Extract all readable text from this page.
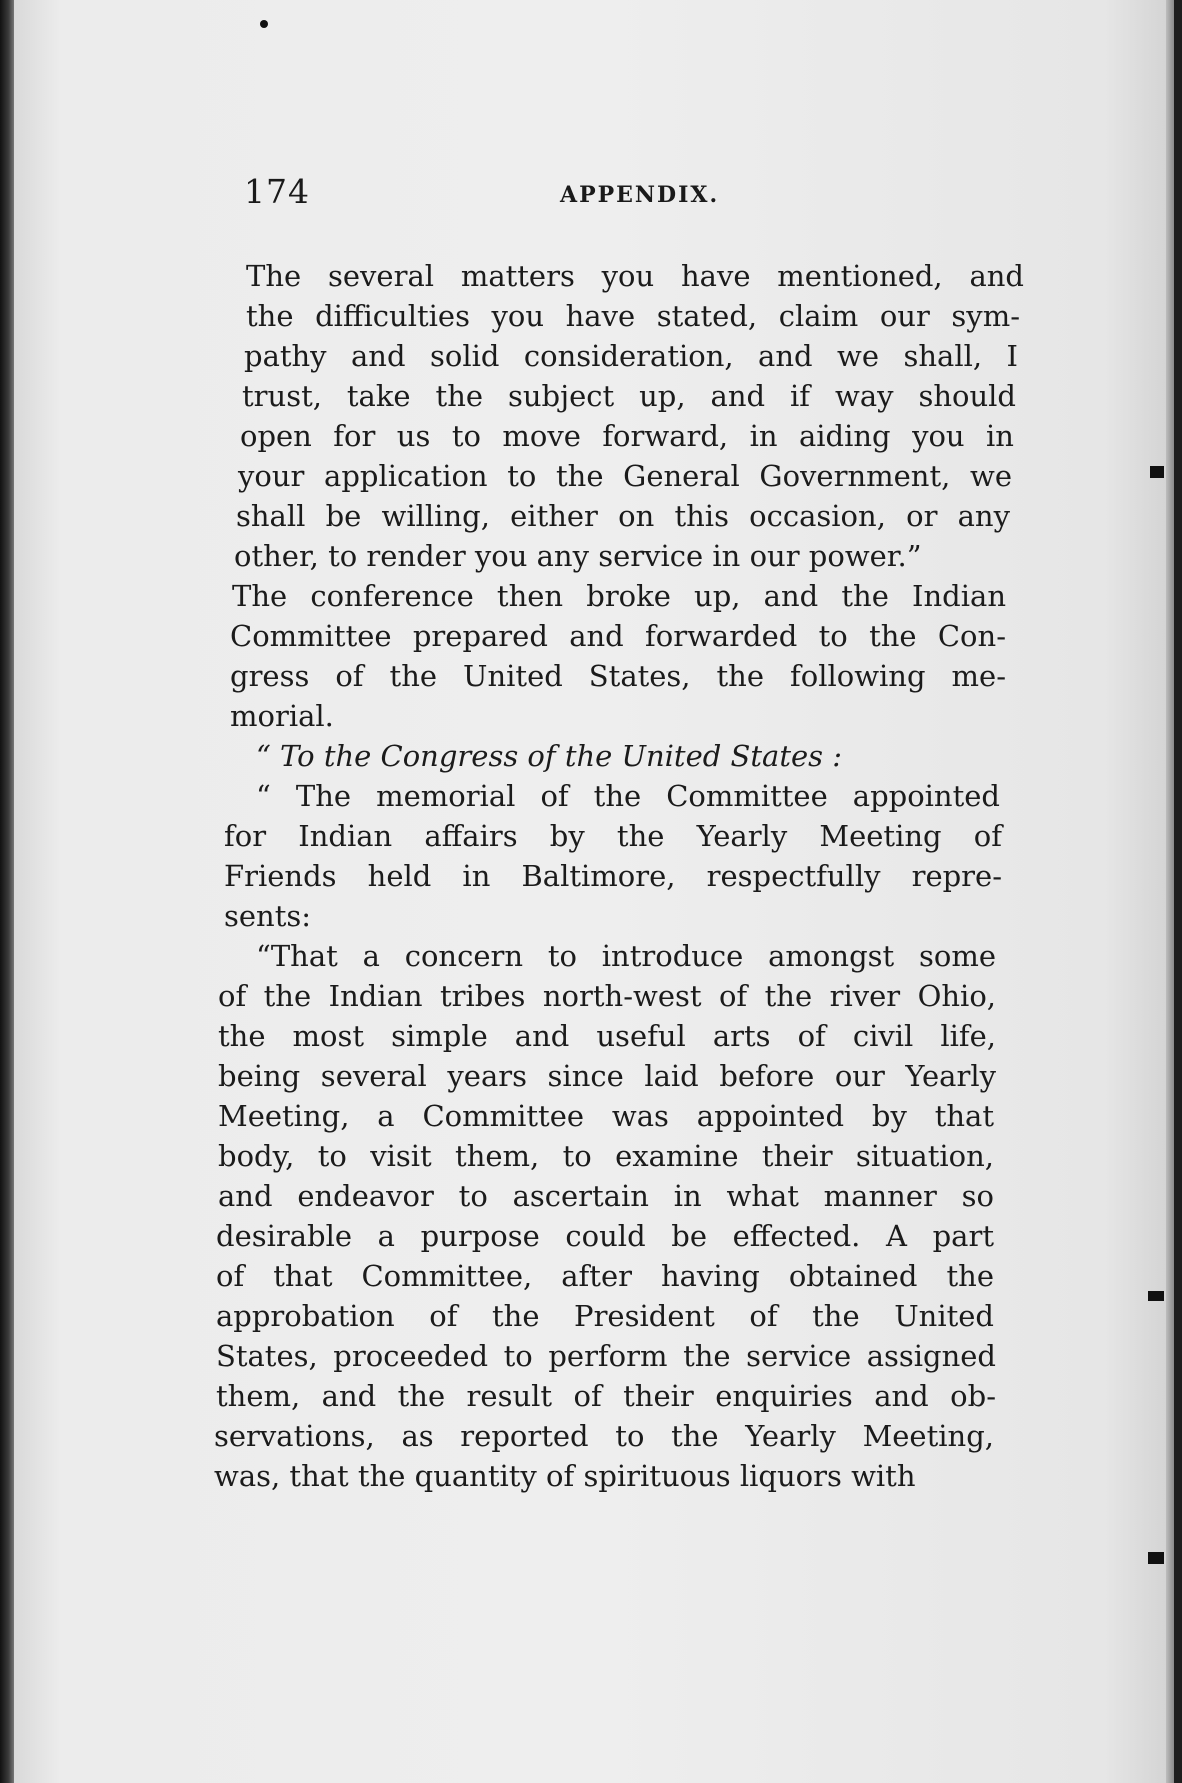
174	APPENDIX.
The several matters you have mentioned, and
the difficulties you have stated, claim our sym-
pathy and solid consideration, and we shall, I
trust, take the subject up, and if way should
open for us to move forward, in aiding you in
your application to the General Government, we
shall be willing, either on this occasion, or any
other, to render you any service in our power.”
The conference then broke up, and the Indian
Committee prepared and forwarded to the Con-
gress of the United States, the following me-
morial.
“ To the Congress of the United States :
“ The memorial of the Committee appointed
for Indian affairs by the Yearly Meeting of
Friends held in Baltimore, respectfully repre-
sents:
“That a concern to introduce amongst some
of the Indian tribes north-west of the river Ohio,
the most simple and useful arts of civil life,
being several years since laid before our Yearly
Meeting, a Committee was appointed by that
body, to visit them, to examine their situation,
and endeavor to ascertain in what manner so
desirable a purpose could be effected. A part
of that Committee, after having obtained the
approbation of the President of the United
States, proceeded to perform the service assigned
them, and the result of their enquiries and ob-
servations, as reported to the Yearly Meeting,
was, that the quantity of spirituous liquors with
